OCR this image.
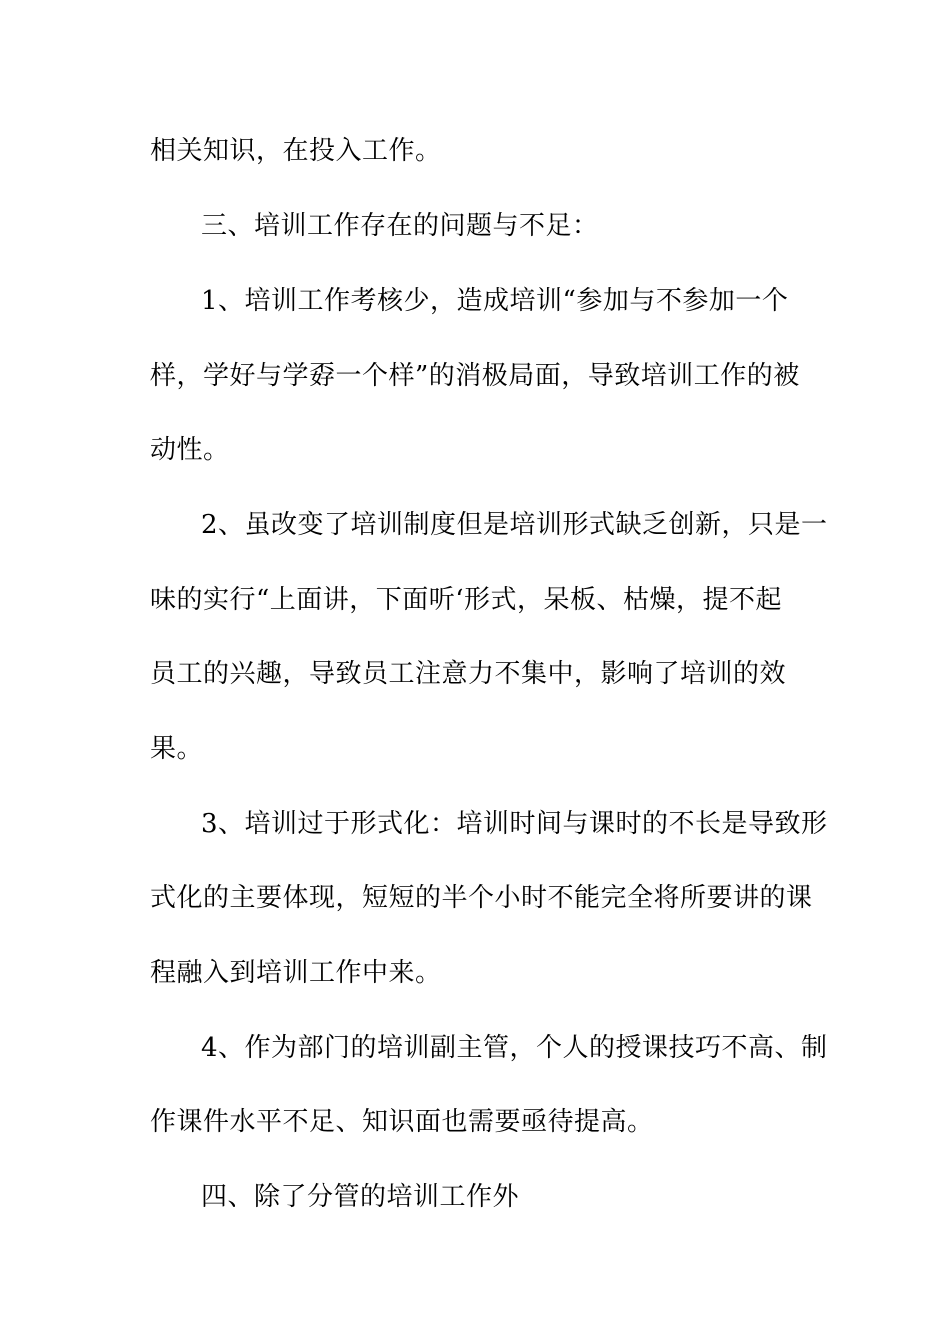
相关知识，在投入工作。
三、培训工作存在的问题与不足：
1、培训工作考核少，造成培训“参加与不参加一个
样，学好与学孬一个样”的消极局面，导致培训工作的被
动性。
2、虽改变了培训制度但是培训形式缺乏创新，只是一
味的实行“上面讲，下面听‘形式，呆板、枯燥，提不起
员工的兴趣，导致员工注意力不集中，影响了培训的效
果。
3、培训过于形式化：培训时间与课时的不长是导致形
式化的主要体现，短短的半个小时不能完全将所要讲的课
程融入到培训工作中来。
4、作为部门的培训副主管，个人的授课技巧不高、制
作课件水平不足、知识面也需要亟待提高。
四、除了分管的培训工作外
